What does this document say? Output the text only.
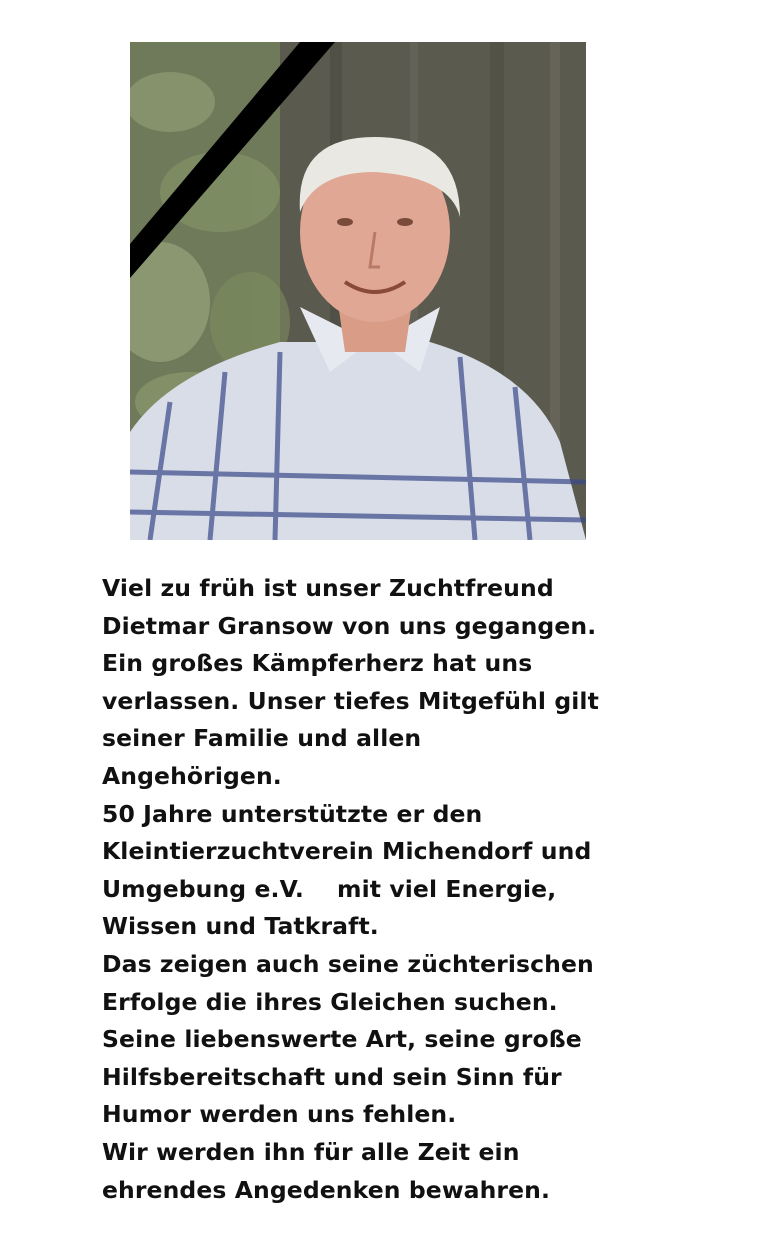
Viel zu früh ist unser Zuchtfreund
Dietmar Gransow von uns gegangen.
Ein großes Kämpferherz hat uns
verlassen. Unser tiefes Mitgefühl gilt
seiner Familie und allen
Angehörigen.
50 Jahre unterstützte er den
Kleintierzuchtverein Michendorf und
Umgebung e.V.    mit viel Energie,
Wissen und Tatkraft.
Das zeigen auch seine züchterischen
Erfolge die ihres Gleichen suchen.
Seine liebenswerte Art, seine große
Hilfsbereitschaft und sein Sinn für
Humor werden uns fehlen.
Wir werden ihn für alle Zeit ein
ehrendes Angedenken bewahren.
